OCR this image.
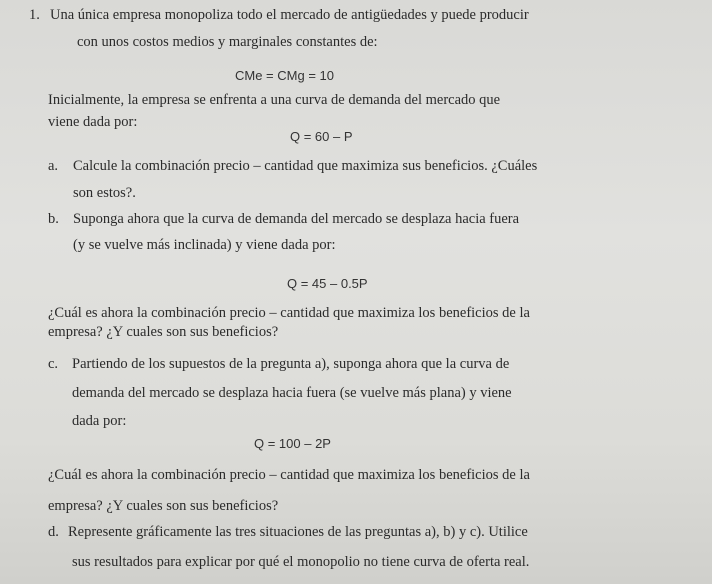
1. Una única empresa monopoliza todo el mercado de antigüedades y puede producir
con unos costos medios y marginales constantes de:
CMe = CMg = 10
Inicialmente, la empresa se enfrenta a una curva de demanda del mercado que
viene dada por:
Q = 60 – P
a. Calcule la combinación precio – cantidad que maximiza sus beneficios. ¿Cuáles
son estos?.
b. Suponga ahora que la curva de demanda del mercado se desplaza hacia fuera
(y se vuelve más inclinada) y viene dada por:
Q = 45 – 0.5P
¿Cuál es ahora la combinación precio – cantidad que maximiza los beneficios de la
empresa? ¿Y cuales son sus beneficios?
c. Partiendo de los supuestos de la pregunta a), suponga ahora que la curva de
demanda del mercado se desplaza hacia fuera (se vuelve más plana) y viene
dada por:
Q = 100 – 2P
¿Cuál es ahora la combinación precio – cantidad que maximiza los beneficios de la
empresa? ¿Y cuales son sus beneficios?
d. Represente gráficamente las tres situaciones de las preguntas a), b) y c). Utilice
sus resultados para explicar por qué el monopolio no tiene curva de oferta real.
